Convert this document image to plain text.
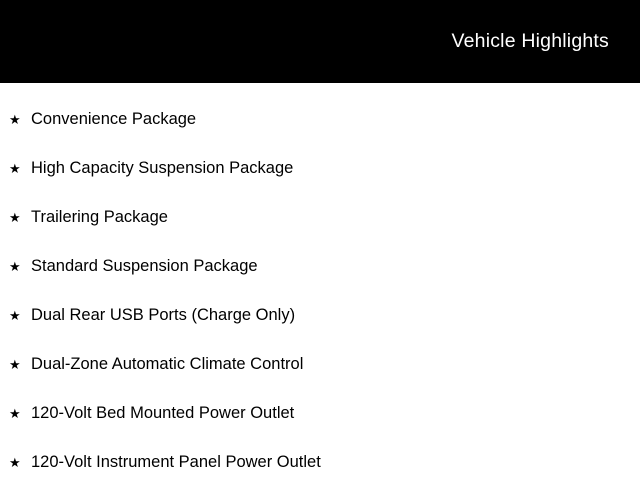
Vehicle Highlights
★ Convenience Package
★ High Capacity Suspension Package
★ Trailering Package
★ Standard Suspension Package
★ Dual Rear USB Ports (Charge Only)
★ Dual-Zone Automatic Climate Control
★ 120-Volt Bed Mounted Power Outlet
★ 120-Volt Instrument Panel Power Outlet
